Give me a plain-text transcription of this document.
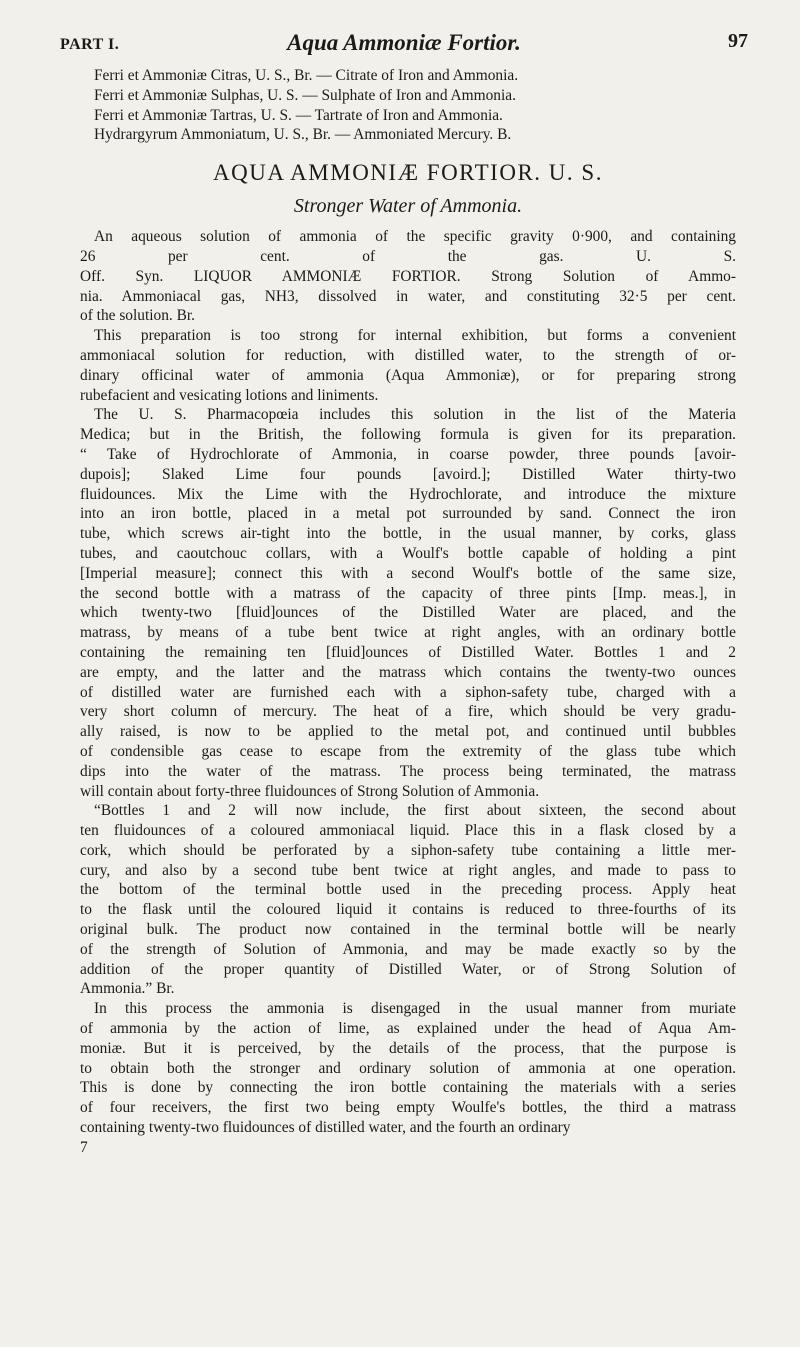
PART I.	Aqua Ammoniæ Fortior.	97
Ferri et Ammoniæ Citras, U. S., Br. — Citrate of Iron and Ammonia.
Ferri et Ammoniæ Sulphas, U. S. — Sulphate of Iron and Ammonia.
Ferri et Ammoniæ Tartras, U. S. — Tartrate of Iron and Ammonia.
Hydrargyrum Ammoniatum, U. S., Br. — Ammoniated Mercury. B.
AQUA AMMONIÆ FORTIOR. U. S.
Stronger Water of Ammonia.
An aqueous solution of ammonia of the specific gravity 0·900, and containing
26 per cent. of the gas. U. S.
Off. Syn. LIQUOR AMMONIÆ FORTIOR. Strong Solution of Ammo-
nia. Ammoniacal gas, NH3, dissolved in water, and constituting 32·5 per cent.
of the solution. Br.
This preparation is too strong for internal exhibition, but forms a convenient
ammoniacal solution for reduction, with distilled water, to the strength of or-
dinary officinal water of ammonia (Aqua Ammoniæ), or for preparing strong
rubefacient and vesicating lotions and liniments.
The U. S. Pharmacopœia includes this solution in the list of the Materia
Medica; but in the British, the following formula is given for its preparation.
“ Take of Hydrochlorate of Ammonia, in coarse powder, three pounds [avoir-
dupois]; Slaked Lime four pounds [avoird.]; Distilled Water thirty-two
fluidounces. Mix the Lime with the Hydrochlorate, and introduce the mixture
into an iron bottle, placed in a metal pot surrounded by sand. Connect the iron
tube, which screws air-tight into the bottle, in the usual manner, by corks, glass
tubes, and caoutchouc collars, with a Woulf's bottle capable of holding a pint
[Imperial measure]; connect this with a second Woulf's bottle of the same size,
the second bottle with a matrass of the capacity of three pints [Imp. meas.], in
which twenty-two [fluid]ounces of the Distilled Water are placed, and the
matrass, by means of a tube bent twice at right angles, with an ordinary bottle
containing the remaining ten [fluid]ounces of Distilled Water. Bottles 1 and 2
are empty, and the latter and the matrass which contains the twenty-two ounces
of distilled water are furnished each with a siphon-safety tube, charged with a
very short column of mercury. The heat of a fire, which should be very gradu-
ally raised, is now to be applied to the metal pot, and continued until bubbles
of condensible gas cease to escape from the extremity of the glass tube which
dips into the water of the matrass. The process being terminated, the matrass
will contain about forty-three fluidounces of Strong Solution of Ammonia.
“Bottles 1 and 2 will now include, the first about sixteen, the second about
ten fluidounces of a coloured ammoniacal liquid. Place this in a flask closed by a
cork, which should be perforated by a siphon-safety tube containing a little mer-
cury, and also by a second tube bent twice at right angles, and made to pass to
the bottom of the terminal bottle used in the preceding process. Apply heat
to the flask until the coloured liquid it contains is reduced to three-fourths of its
original bulk. The product now contained in the terminal bottle will be nearly
of the strength of Solution of Ammonia, and may be made exactly so by the
addition of the proper quantity of Distilled Water, or of Strong Solution of
Ammonia.” Br.
In this process the ammonia is disengaged in the usual manner from muriate
of ammonia by the action of lime, as explained under the head of Aqua Am-
moniæ. But it is perceived, by the details of the process, that the purpose is
to obtain both the stronger and ordinary solution of ammonia at one operation.
This is done by connecting the iron bottle containing the materials with a series
of four receivers, the first two being empty Woulfe's bottles, the third a matrass
containing twenty-two fluidounces of distilled water, and the fourth an ordinary
7
